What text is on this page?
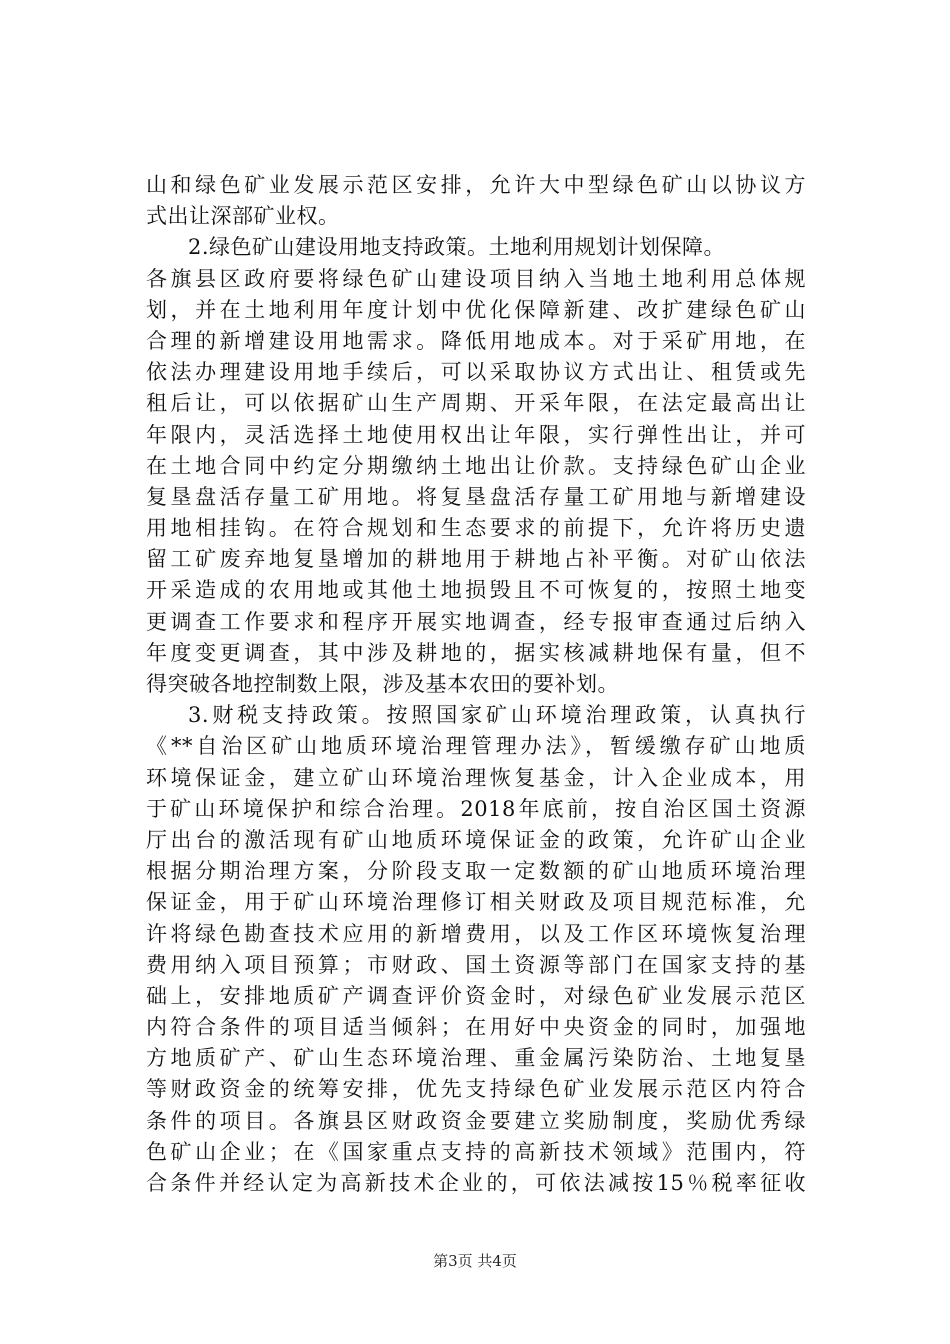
山和绿色矿业发展示范区安排，允许大中型绿色矿山以协议方
式出让深部矿业权。
2.绿色矿山建设用地支持政策。土地利用规划计划保障。
各旗县区政府要将绿色矿山建设项目纳入当地土地利用总体规
划，并在土地利用年度计划中优化保障新建、改扩建绿色矿山
合理的新增建设用地需求。降低用地成本。对于采矿用地，在
依法办理建设用地手续后，可以采取协议方式出让、租赁或先
租后让，可以依据矿山生产周期、开采年限，在法定最高出让
年限内，灵活选择土地使用权出让年限，实行弹性出让，并可
在土地合同中约定分期缴纳土地出让价款。支持绿色矿山企业
复垦盘活存量工矿用地。将复垦盘活存量工矿用地与新增建设
用地相挂钩。在符合规划和生态要求的前提下，允许将历史遗
留工矿废弃地复垦增加的耕地用于耕地占补平衡。对矿山依法
开采造成的农用地或其他土地损毁且不可恢复的，按照土地变
更调查工作要求和程序开展实地调查，经专报审查通过后纳入
年度变更调查，其中涉及耕地的，据实核减耕地保有量，但不
得突破各地控制数上限，涉及基本农田的要补划。
3.财税支持政策。按照国家矿山环境治理政策，认真执行
《**自治区矿山地质环境治理管理办法》，暂缓缴存矿山地质
环境保证金，建立矿山环境治理恢复基金，计入企业成本，用
于矿山环境保护和综合治理。2018年底前，按自治区国土资源
厅出台的激活现有矿山地质环境保证金的政策，允许矿山企业
根据分期治理方案，分阶段支取一定数额的矿山地质环境治理
保证金，用于矿山环境治理修订相关财政及项目规范标准，允
许将绿色勘查技术应用的新增费用，以及工作区环境恢复治理
费用纳入项目预算；市财政、国土资源等部门在国家支持的基
础上，安排地质矿产调查评价资金时，对绿色矿业发展示范区
内符合条件的项目适当倾斜；在用好中央资金的同时，加强地
方地质矿产、矿山生态环境治理、重金属污染防治、土地复垦
等财政资金的统筹安排，优先支持绿色矿业发展示范区内符合
条件的项目。各旗县区财政资金要建立奖励制度，奖励优秀绿
色矿山企业；在《国家重点支持的高新技术领域》范围内，符
合条件并经认定为高新技术企业的，可依法减按15％税率征收
第3页 共4页
